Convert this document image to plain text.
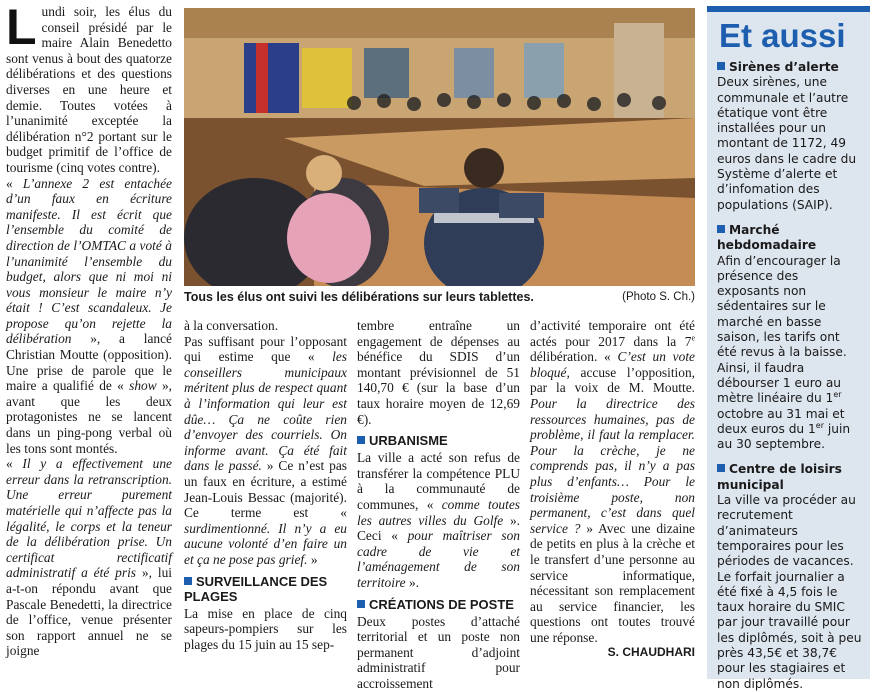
L undi soir, les élus du conseil présidé par le maire Alain Benedetto sont venus à bout des quatorze délibérations et des questions diverses en une heure et demie. Toutes votées à l’unanimité exceptée la délibération n°2 portant sur le budget primitif de l’office de tourisme (cinq votes contre).

« L’annexe 2 est entachée d’un faux en écriture manifeste. Il est écrit que l’ensemble du comité de direction de l’OMTAC a voté à l’unanimité l’ensemble du budget, alors que ni moi ni vous monsieur le maire n’y était ! C’est scandaleux. Je propose qu’on rejette la délibération », a lancé Christian Moutte (opposition). Une prise de parole que le maire a qualifié de « show », avant que les deux protagonistes ne se lancent dans un ping-pong verbal où les tons sont montés.

« Il y a effectivement une erreur dans la retranscription. Une erreur purement matérielle qui n’affecte pas la légalité, le corps et la teneur de la délibération prise. Un certificat rectificatif administratif a été pris », lui a-t-on répondu avant que Pascale Benedetti, la directrice de l’office, venue présenter son rapport annuel ne se joigne

Tous les élus ont suivi les délibérations sur leurs tablettes.	(Photo S. Ch.)

à la conversation.

Pas suffisant pour l’opposant qui estime que « les conseillers municipaux méritent plus de respect quant à l’information qui leur est dûe… Ça ne coûte rien d’envoyer des courriels. On informe avant. Ça été fait dans le passé. » Ce n’est pas un faux en écriture, a estimé Jean-Louis Bessac (majorité). Ce terme est « surdimentionné. Il n’y a eu aucune volonté d’en faire un et ça ne pose pas grief. »

SURVEILLANCE DES PLAGES

La mise en place de cinq sapeurs-pompiers sur les plages du 15 juin au 15 sep-

tembre entraîne un engagement de dépenses au bénéfice du SDIS d’un montant prévisionnel de 51 140,70 € (sur la base d’un taux horaire moyen de 12,69 €).

URBANISME

La ville a acté son refus de transférer la compétence PLU à la communauté de communes, « comme toutes les autres villes du Golfe ». Ceci « pour maîtriser son cadre de vie et l’aménagement de son territoire ».

CRÉATIONS DE POSTE

Deux postes d’attaché territorial et un poste non permanent d’adjoint administratif pour accroissement

d’activité temporaire ont été actés pour 2017 dans la 7e délibération. « C’est un vote bloqué, accuse l’opposition, par la voix de M. Moutte. Pour la directrice des ressources humaines, pas de problème, il faut la remplacer. Pour la crèche, je ne comprends pas, il n’y a pas plus d’enfants… Pour le troisième poste, non permanent, c’est dans quel service ? » Avec une dizaine de petits en plus à la crèche et le transfert d’une personne au service informatique, nécessitant son remplacement au service financier, les questions ont toutes trouvé une réponse.

S. CHAUDHARI
Et aussi
Sirènes d’alerte
Deux sirènes, une communale et l’autre étatique vont être installées pour un montant de 1172, 49 euros dans le cadre du Système d’alerte et d’infomation des populations (SAIP).
Marché hebdomadaire
Afin d’encourager la présence des exposants non sédentaires sur le marché en basse saison, les tarifs ont été revus à la baisse. Ainsi, il faudra débourser 1 euro au mètre linéaire du 1er octobre au 31 mai et deux euros du 1er juin au 30 septembre.
Centre de loisirs municipal
La ville va procéder au recrutement d’animateurs temporaires pour les périodes de vacances. Le forfait journalier a été fixé à 4,5 fois le taux horaire du SMIC par jour travaillé pour les diplômés, soit à peu près 43,5€ et 38,7€ pour les stagiaires et non diplômés.
